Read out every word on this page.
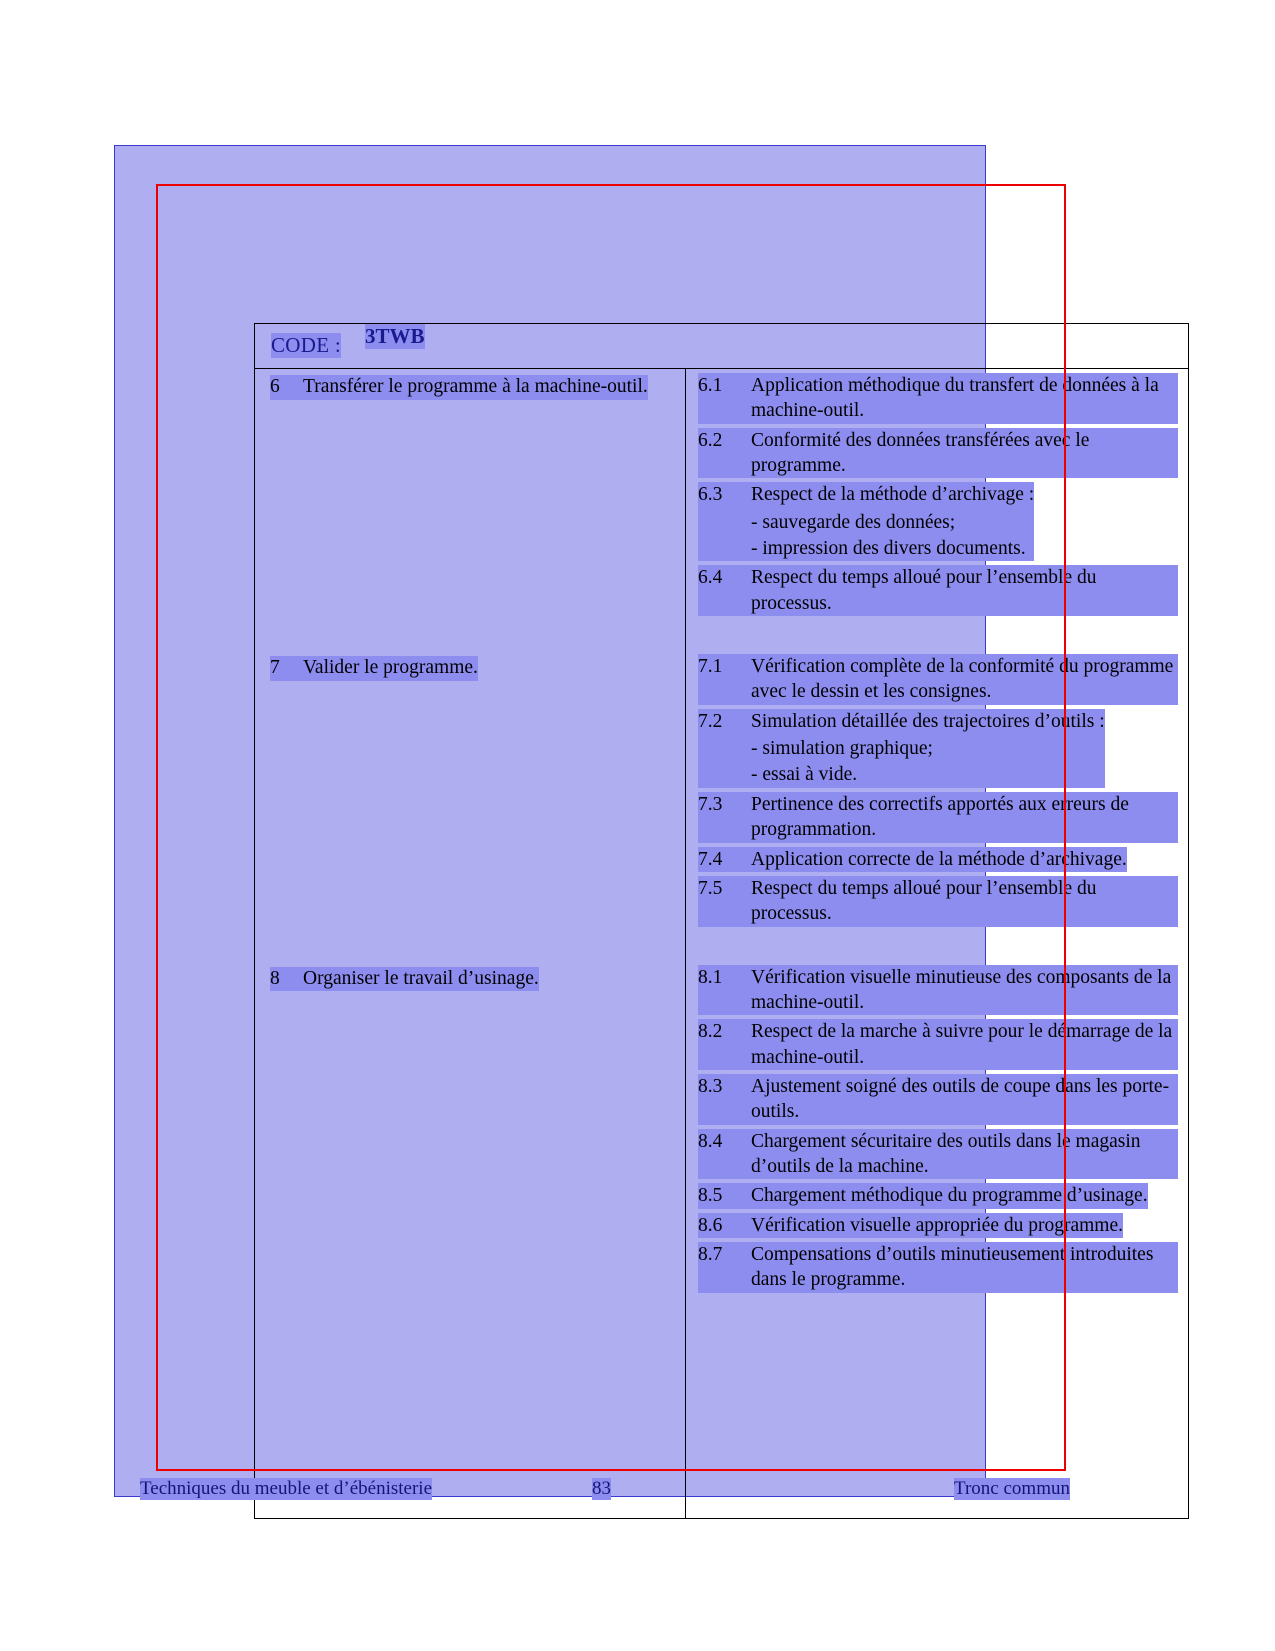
CODE : 3TWB
6	Transférer le programme à la machine-outil.	6.1	Application méthodique du transfert de données à la machine-outil.
6.2	Conformité des données transférées avec le programme.
6.3	Respect de la méthode d’archivage :
- sauvegarde des données;
- impression des divers documents.
6.4	Respect du temps alloué pour l’ensemble du processus.
7	Valider le programme.	7.1	Vérification complète de la conformité du programme avec le dessin et les consignes.
7.2	Simulation détaillée des trajectoires d’outils :
- simulation graphique;
- essai à vide.
7.3	Pertinence des correctifs apportés aux erreurs de programmation.
7.4	Application correcte de la méthode d’archivage.
7.5	Respect du temps alloué pour l’ensemble du processus.
8	Organiser le travail d’usinage.	8.1	Vérification visuelle minutieuse des composants de la machine-outil.
8.2	Respect de la marche à suivre pour le démarrage de la machine-outil.
8.3	Ajustement soigné des outils de coupe dans les porte-outils.
8.4	Chargement sécuritaire des outils dans le magasin d’outils de la machine.
8.5	Chargement méthodique du programme d’usinage.
8.6	Vérification visuelle appropriée du programme.
8.7	Compensations d’outils minutieusement introduites dans le programme.
Techniques du meuble et d’ébénisterie	83	Tronc commun
